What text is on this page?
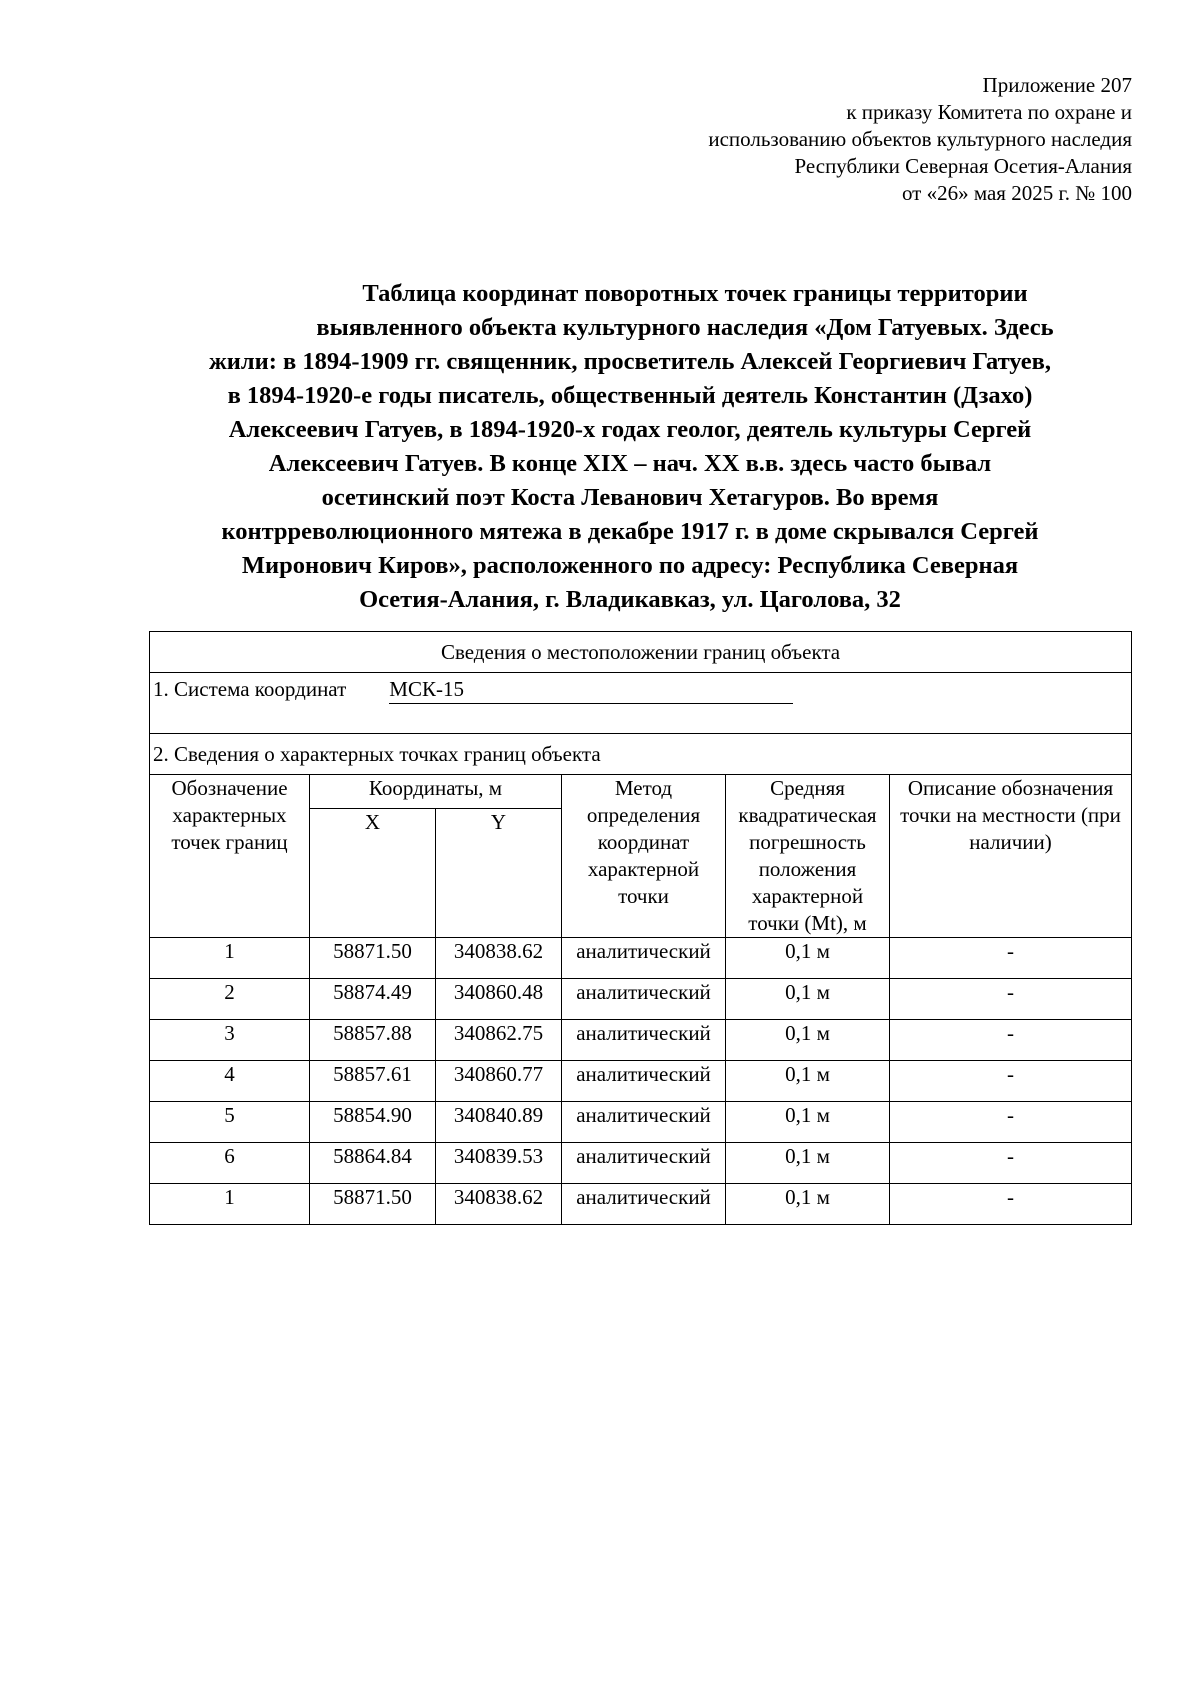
Приложение 207
к приказу Комитета по охране и
использованию объектов культурного наследия
Республики Северная Осетия-Алания
от «26» мая 2025 г. № 100
Таблица координат поворотных точек границы территории
выявленного объекта культурного наследия «Дом Гатуевых. Здесь
жили: в 1894-1909 гг. священник, просветитель Алексей Георгиевич Гатуев,
в 1894-1920-е годы писатель, общественный деятель Константин (Дзахо)
Алексеевич Гатуев, в 1894-1920-х годах геолог, деятель культуры Сергей
Алексеевич Гатуев. В конце XIX – нач. XX в.в. здесь часто бывал
осетинский поэт Коста Леванович Хетагуров. Во время
контрреволюционного мятежа в декабре 1917 г. в доме скрывался Сергей
Миронович Киров», расположенного по адресу: Республика Северная
Осетия-Алания, г. Владикавказ, ул. Цаголова, 32
Сведения о местоположении границ объекта					
1. Система координат МСК-15					
2. Сведения о характерных точках границ объекта					
Обозначение характерных точек границ	Координаты, м		Метод определения координат характерной точки	Средняя квадратическая погрешность положения характерной точки (Mt), м	Описание обозначения точки на местности (при наличии)
	X	Y			
1	58871.50	340838.62	аналитический	0,1 м	-
2	58874.49	340860.48	аналитический	0,1 м	-
3	58857.88	340862.75	аналитический	0,1 м	-
4	58857.61	340860.77	аналитический	0,1 м	-
5	58854.90	340840.89	аналитический	0,1 м	-
6	58864.84	340839.53	аналитический	0,1 м	-
1	58871.50	340838.62	аналитический	0,1 м	-
